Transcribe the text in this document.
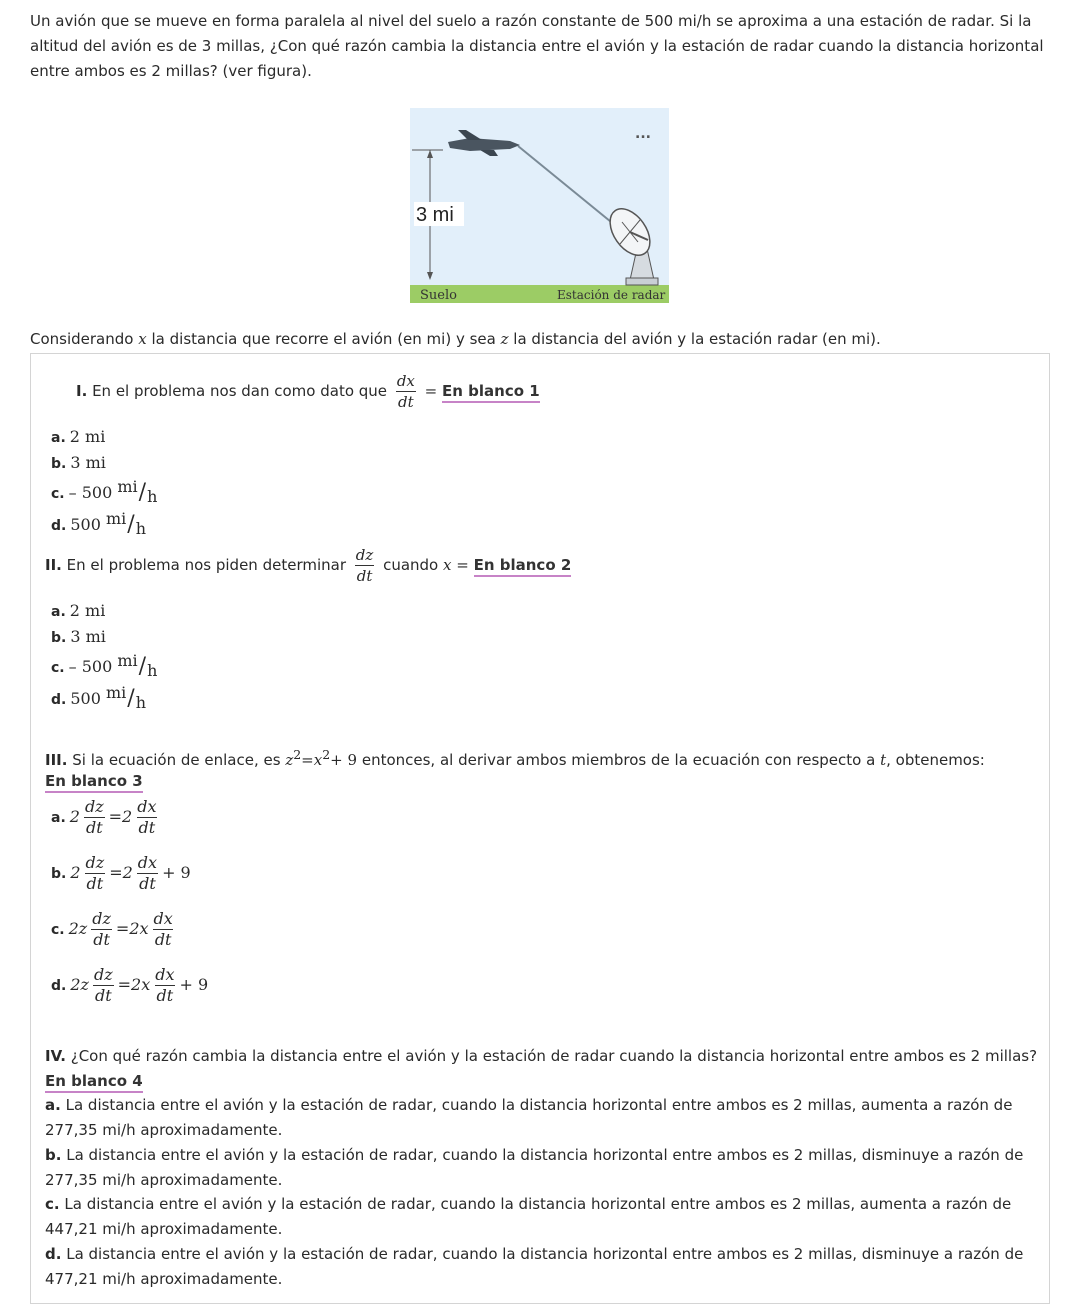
Un avión que se mueve en forma paralela al nivel del suelo a razón constante de 500 mi/h se aproxima a una estación de radar. Si la altitud del avión es de 3 millas, ¿Con qué razón cambia la distancia entre el avión y la estación de radar cuando la distancia horizontal entre ambos es 2 millas? (ver figura).
3 mi
...
Suelo	Estación de radar
Considerando x la distancia que recorre el avión (en mi) y sea z la distancia del avión y la estación radar (en mi).
I. En el problema nos dan como dato que $\frac{dx}{dt} = En$ blanco 1
a. 2 mi
b. 3 mi
c. – 500 mi / h
d. 500 mi / h
II. En el problema nos piden determinar $\frac{dz}{dt}$ cuando x = En blanco 2
a. 2 mi
b. 3 mi
c. – 500 mi / h
d. 500 mi / h
III. Si la ecuación de enlace, es $z^2=x^2+ 9$ entonces, al derivar ambos miembros de la ecuación con respecto a t, obtenemos:
En blanco 3
a. $2 \frac{dz}{dt} =2 \frac{dx}{dt}$
b. $2 \frac{dz}{dt} =2 \frac{dx}{dt} + 9$
c. $2z \frac{dz}{dt} =2x \frac{dx}{dt}$
d. $2z \frac{dz}{dt} =2x \frac{dx}{dt} + 9$
IV. ¿Con qué razón cambia la distancia entre el avión y la estación de radar cuando la distancia horizontal entre ambos es 2 millas?
En blanco 4
a. La distancia entre el avión y la estación de radar, cuando la distancia horizontal entre ambos es 2 millas, aumenta a razón de 277,35 mi/h aproximadamente.
b. La distancia entre el avión y la estación de radar, cuando la distancia horizontal entre ambos es 2 millas, disminuye a razón de 277,35 mi/h aproximadamente.
c. La distancia entre el avión y la estación de radar, cuando la distancia horizontal entre ambos es 2 millas, aumenta a razón de 447,21 mi/h aproximadamente.
d. La distancia entre el avión y la estación de radar, cuando la distancia horizontal entre ambos es 2 millas, disminuye a razón de 477,21 mi/h aproximadamente.
